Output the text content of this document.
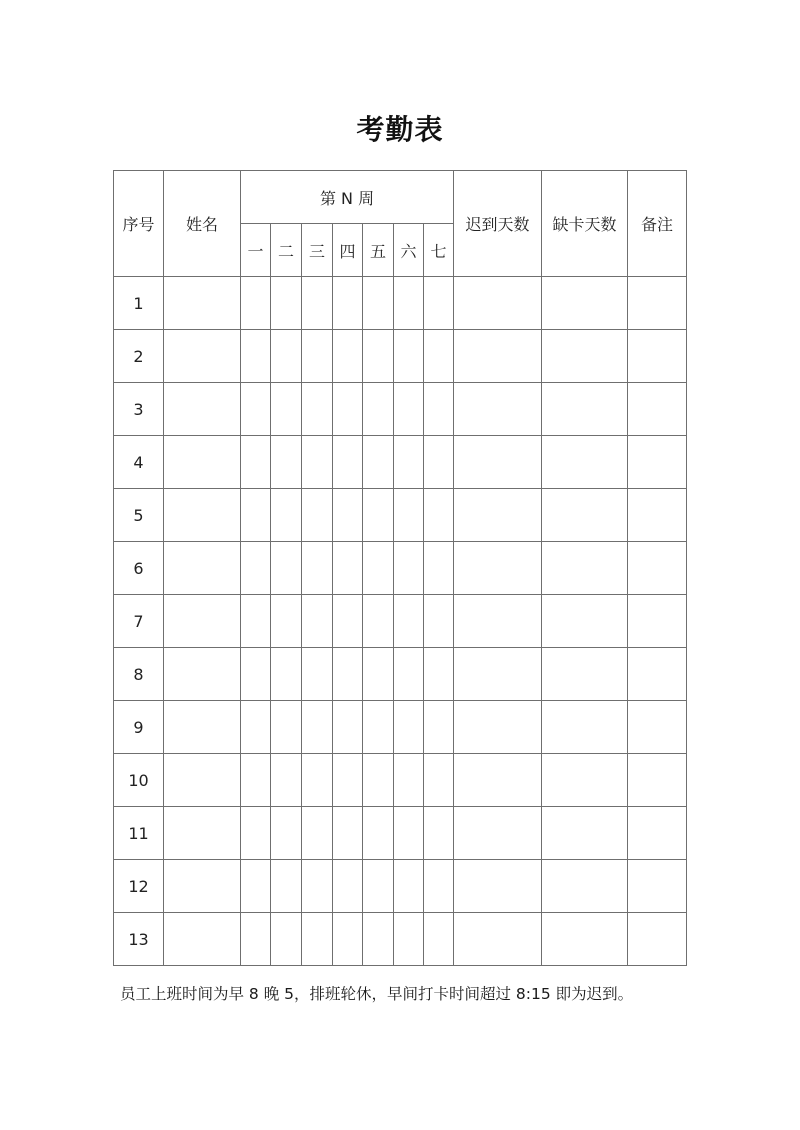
考勤表
序号	姓名	第 N 周							迟到天数	缺卡天数	备注
		一	二	三	四	五	六	七			
1											
2											
3											
4											
5											
6											
7											
8											
9											
10											
11											
12											
13											
员工上班时间为早 8 晚 5，排班轮休，早间打卡时间超过 8:15 即为迟到。
